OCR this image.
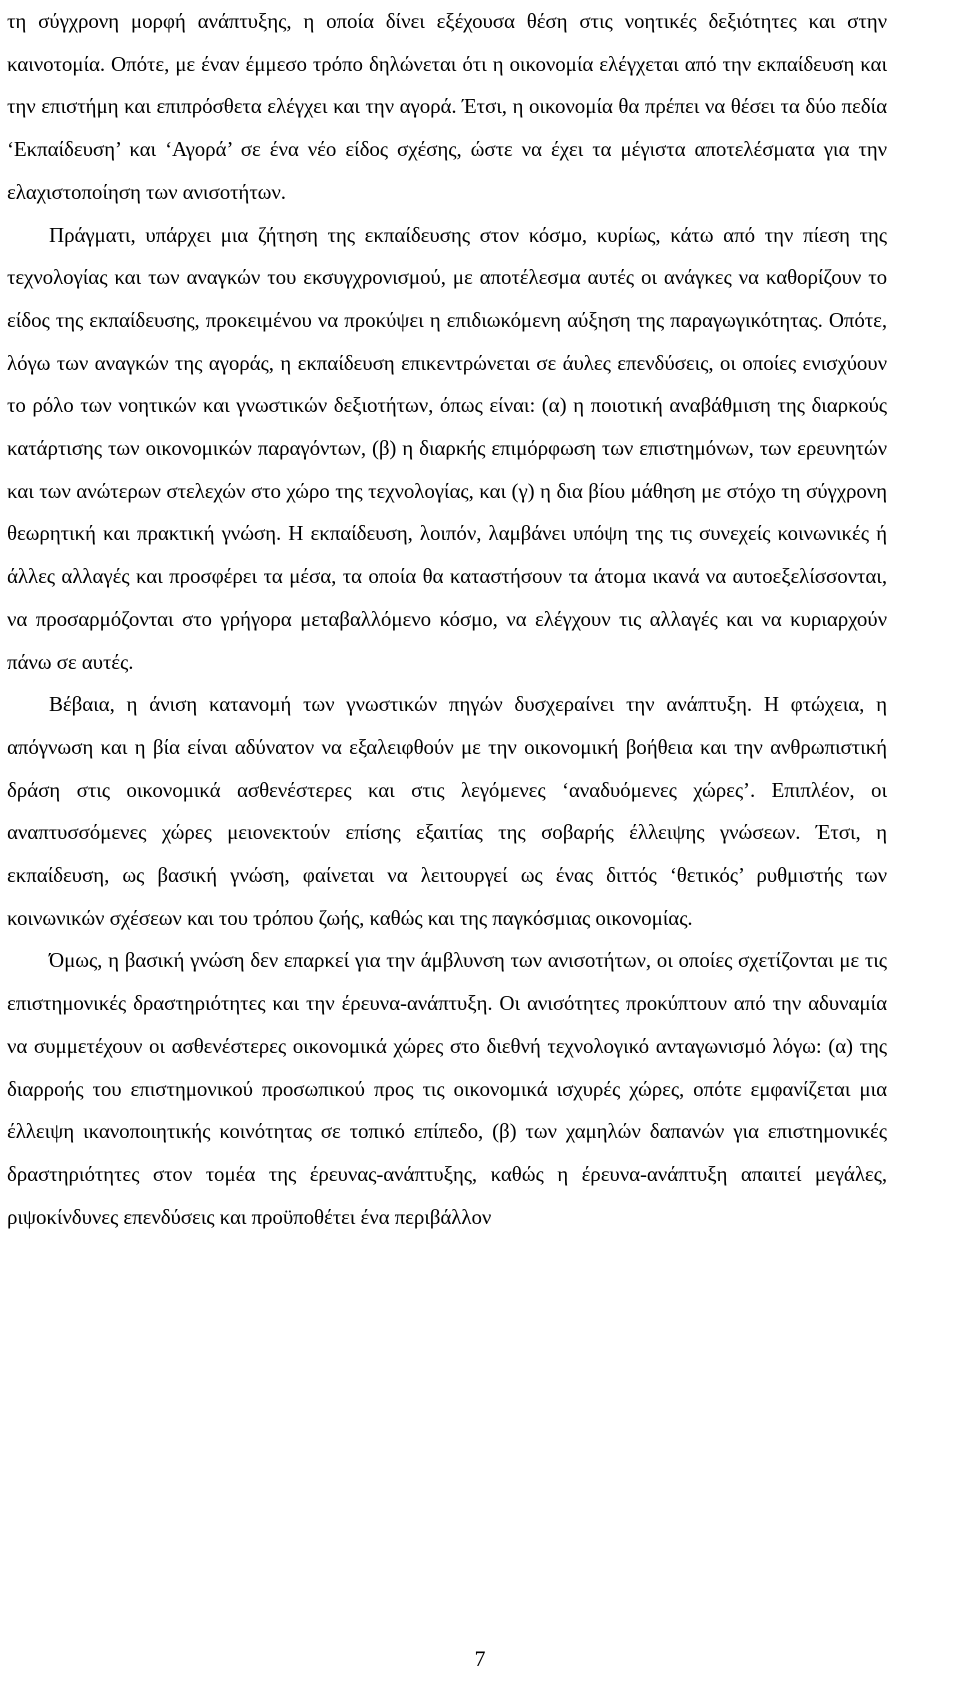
τη σύγχρονη μορφή ανάπτυξης, η οποία δίνει εξέχουσα θέση στις νοητικές δεξιότητες και στην καινοτομία. Οπότε, με έναν έμμεσο τρόπο δηλώνεται ότι η οικονομία ελέγχεται από την εκπαίδευση και την επιστήμη και επιπρόσθετα ελέγχει και την αγορά. Έτσι, η οικονομία θα πρέπει να θέσει τα δύο πεδία ‘Εκπαίδευση’ και ‘Αγορά’ σε ένα νέο είδος σχέσης, ώστε να έχει τα μέγιστα αποτελέσματα για την ελαχιστοποίηση των ανισοτήτων.

Πράγματι, υπάρχει μια ζήτηση της εκπαίδευσης στον κόσμο, κυρίως, κάτω από την πίεση της τεχνολογίας και των αναγκών του εκσυγχρονισμού, με αποτέλεσμα αυτές οι ανάγκες να καθορίζουν το είδος της εκπαίδευσης, προκειμένου να προκύψει η επιδιωκόμενη αύξηση της παραγωγικότητας. Οπότε, λόγω των αναγκών της αγοράς, η εκπαίδευση επικεντρώνεται σε άυλες επενδύσεις, οι οποίες ενισχύουν το ρόλο των νοητικών και γνωστικών δεξιοτήτων, όπως είναι: (α) η ποιοτική αναβάθμιση της διαρκούς κατάρτισης των οικονομικών παραγόντων, (β) η διαρκής επιμόρφωση των επιστημόνων, των ερευνητών και των ανώτερων στελεχών στο χώρο της τεχνολογίας, και (γ) η δια βίου μάθηση με στόχο τη σύγχρονη θεωρητική και πρακτική γνώση. Η εκπαίδευση, λοιπόν, λαμβάνει υπόψη της τις συνεχείς κοινωνικές ή άλλες αλλαγές και προσφέρει τα μέσα, τα οποία θα καταστήσουν τα άτομα ικανά να αυτοεξελίσσονται, να προσαρμόζονται στο γρήγορα μεταβαλλόμενο κόσμο, να ελέγχουν τις αλλαγές και να κυριαρχούν πάνω σε αυτές.

Βέβαια, η άνιση κατανομή των γνωστικών πηγών δυσχεραίνει την ανάπτυξη. Η φτώχεια, η απόγνωση και η βία είναι αδύνατον να εξαλειφθούν με την οικονομική βοήθεια και την ανθρωπιστική δράση στις οικονομικά ασθενέστερες και στις λεγόμενες ‘αναδυόμενες χώρες’. Επιπλέον, οι αναπτυσσόμενες χώρες μειονεκτούν επίσης εξαιτίας της σοβαρής έλλειψης γνώσεων. Έτσι, η εκπαίδευση, ως βασική γνώση, φαίνεται να λειτουργεί ως ένας διττός ‘θετικός’ ρυθμιστής των κοινωνικών σχέσεων και του τρόπου ζωής, καθώς και της παγκόσμιας οικονομίας.

Όμως, η βασική γνώση δεν επαρκεί για την άμβλυνση των ανισοτήτων, οι οποίες σχετίζονται με τις επιστημονικές δραστηριότητες και την έρευνα-ανάπτυξη. Οι ανισότητες προκύπτουν από την αδυναμία να συμμετέχουν οι ασθενέστερες οικονομικά χώρες στο διεθνή τεχνολογικό ανταγωνισμό λόγω: (α) της διαρροής του επιστημονικού προσωπικού προς τις οικονομικά ισχυρές χώρες, οπότε εμφανίζεται μια έλλειψη ικανοποιητικής κοινότητας σε τοπικό επίπεδο, (β) των χαμηλών δαπανών για επιστημονικές δραστηριότητες στον τομέα της έρευνας-ανάπτυξης, καθώς η έρευνα-ανάπτυξη απαιτεί μεγάλες, ριψοκίνδυνες επενδύσεις και προϋποθέτει ένα περιβάλλον

7
